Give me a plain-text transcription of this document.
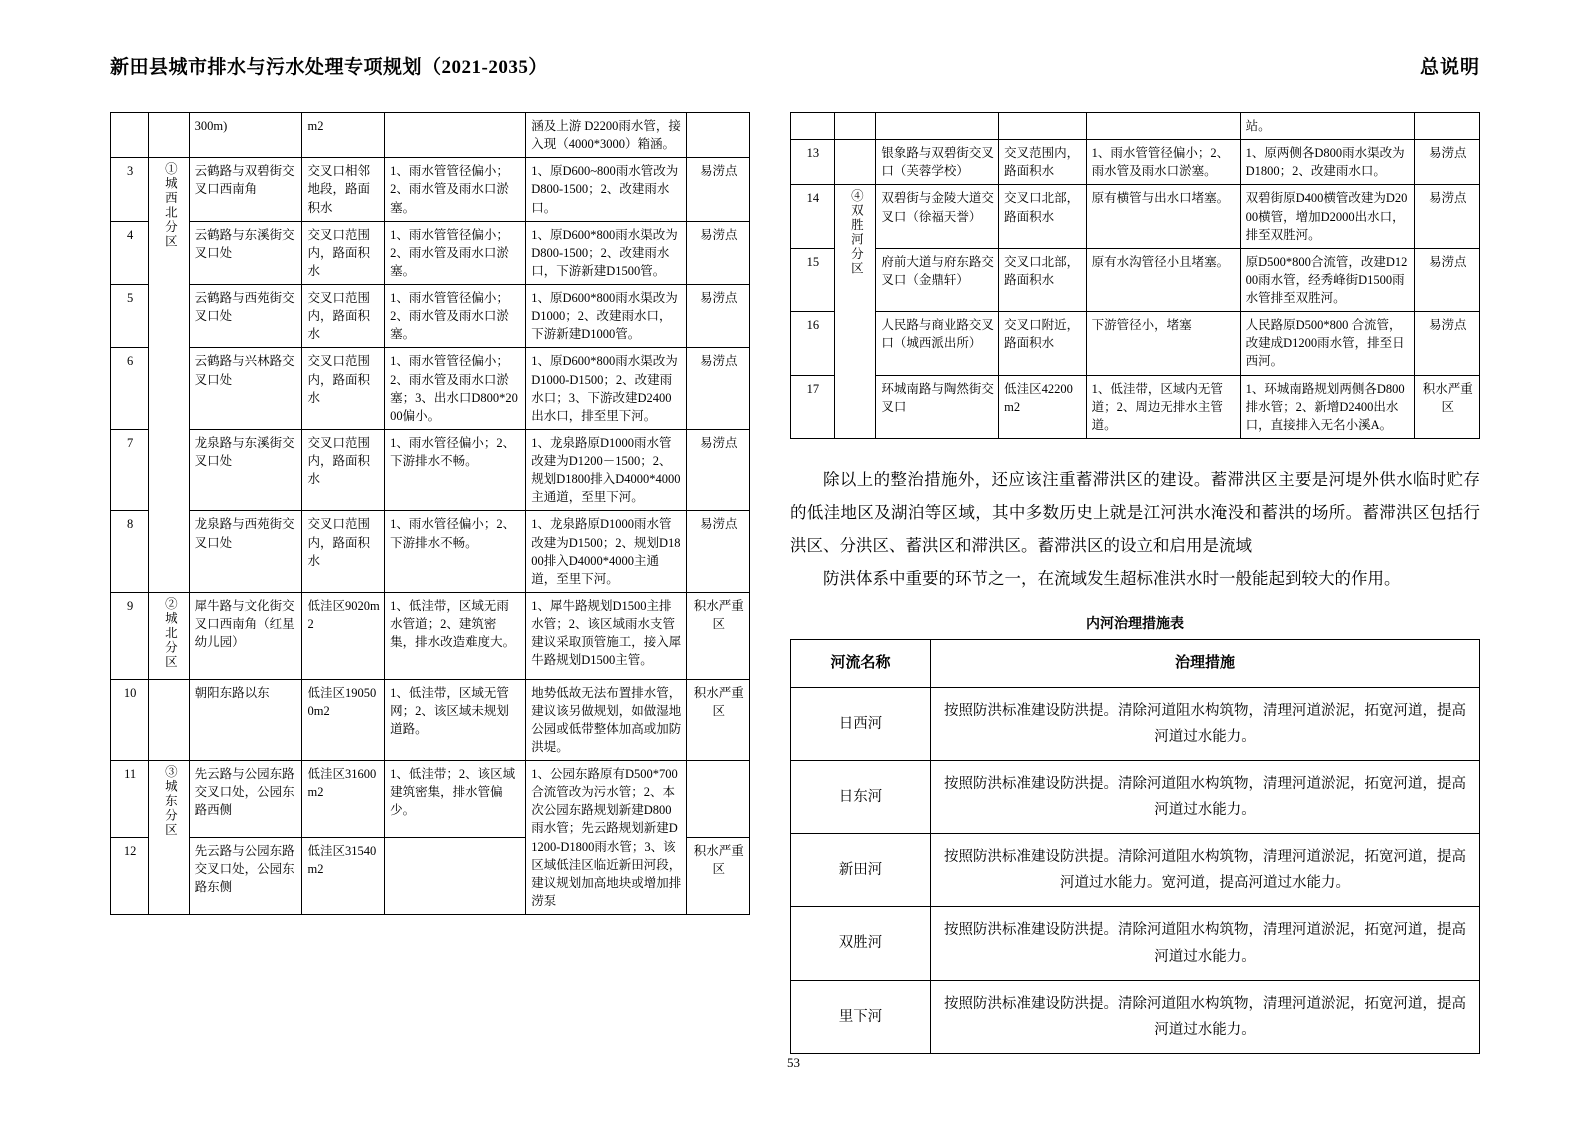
新田县城市排水与污水处理专项规划（2021-2035）	总说明
		300m)	m2		涵及上游 D2200雨水管，接入现（4000*3000）箱涵。	
3	①城西北分区	云鹤路与双碧街交叉口西南角	交叉口相邻地段，路面积水	1、雨水管管径偏小；2、雨水管及雨水口淤塞。	1、原D600~800雨水管改为D800-1500；2、改建雨水口。	易涝点
4		云鹤路与东溪街交叉口处	交叉口范围内，路面积水	1、雨水管管径偏小；2、雨水管及雨水口淤塞。	1、原D600*800雨水渠改为D800-1500；2、改建雨水口，下游新建D1500管。	易涝点
5		云鹤路与西苑街交叉口处	交叉口范围内，路面积水	1、雨水管管径偏小；2、雨水管及雨水口淤塞。	1、原D600*800雨水渠改为D1000；2、改建雨水口，下游新建D1000管。	易涝点
6		云鹤路与兴林路交叉口处	交叉口范围内，路面积水	1、雨水管管径偏小；2、雨水管及雨水口淤塞；3、出水口D800*2000偏小。	1、原D600*800雨水渠改为D1000-D1500；2、改建雨水口；3、下游改建D2400出水口，排至里下河。	易涝点
7		龙泉路与东溪街交叉口处	交叉口范围内，路面积水	1、雨水管径偏小；2、下游排水不畅。	1、龙泉路原D1000雨水管改建为D1200－1500；2、规划D1800排入D4000*4000主通道，至里下河。	易涝点
8		龙泉路与西苑街交叉口处	交叉口范围内，路面积水	1、雨水管径偏小；2、下游排水不畅。	1、龙泉路原D1000雨水管改建为D1500；2、规划D1800排入D4000*4000主通道，至里下河。	易涝点
9	②城北分区	犀牛路与文化街交叉口西南角（红星幼儿园）	低洼区9020m2	1、低洼带，区域无雨水管道；2、建筑密集，排水改造难度大。	1、犀牛路规划D1500主排水管；2、该区域雨水支管建议采取顶管施工，接入犀牛路规划D1500主管。	积水严重区
10		朝阳东路以东	低洼区190500m2	1、低洼带，区域无管网；2、该区域未规划道路。	地势低故无法布置排水管，建议该另做规划，如做湿地公园或低带整体加高或加防洪堤。	积水严重区
11	③城东分区	先云路与公园东路交叉口处，公园东路西侧	低洼区31600m2	1、低洼带；2、该区域建筑密集，排水管偏少。	1、公园东路原有D500*700合流管改为污水管；2、本次公园东路规划新建D800雨水管；先云路规划新建D1200-D1800雨水管；3、该区域低洼区临近新田河段，建议规划加高地块或增加排涝泵	
12		先云路与公园东路交叉口处，公园东路东侧	低洼区31540m2			积水严重区
					站。	
13		银象路与双碧街交叉口（芙蓉学校）	交叉范围内，路面积水	1、雨水管管径偏小；2、雨水管及雨水口淤塞。	1、原两侧各D800雨水渠改为D1800；2、改建雨水口。	易涝点
14	④双胜河分区	双碧街与金陵大道交叉口（徐福天誉）	交叉口北部，路面积水	原有横管与出水口堵塞。	双碧街原D400横管改建为D2000横管，增加D2000出水口，排至双胜河。	易涝点
15		府前大道与府东路交叉口（金鼎轩）	交叉口北部，路面积水	原有水沟管径小且堵塞。	原D500*800合流管，改建D1200雨水管，经秀峰街D1500雨水管排至双胜河。	易涝点
16		人民路与商业路交叉口（城西派出所）	交叉口附近，路面积水	下游管径小，堵塞	人民路原D500*800 合流管，改建成D1200雨水管，排至日西河。	易涝点
17		环城南路与陶然街交叉口	低洼区42200m2	1、低洼带，区域内无管道；2、周边无排水主管道。	1、环城南路规划两侧各D800排水管；2、新增D2400出水口，直接排入无名小溪A。	积水严重区

除以上的整治措施外，还应该注重蓄滞洪区的建设。蓄滞洪区主要是河堤外供水临时贮存的低洼地区及湖泊等区域，其中多数历史上就是江河洪水淹没和蓄洪的场所。蓄滞洪区包括行洪区、分洪区、蓄洪区和滞洪区。蓄滞洪区的设立和启用是流域

防洪体系中重要的环节之一，在流域发生超标准洪水时一般能起到较大的作用。

内河治理措施表
河流名称	治理措施
日西河	按照防洪标准建设防洪提。清除河道阻水构筑物，清理河道淤泥，拓宽河道，提高河道过水能力。
日东河	按照防洪标准建设防洪提。清除河道阻水构筑物，清理河道淤泥，拓宽河道，提高河道过水能力。
新田河	按照防洪标准建设防洪提。清除河道阻水构筑物，清理河道淤泥，拓宽河道，提高河道过水能力。宽河道，提高河道过水能力。
双胜河	按照防洪标准建设防洪提。清除河道阻水构筑物，清理河道淤泥，拓宽河道，提高河道过水能力。
里下河	按照防洪标准建设防洪提。清除河道阻水构筑物，清理河道淤泥，拓宽河道，提高河道过水能力。
53
